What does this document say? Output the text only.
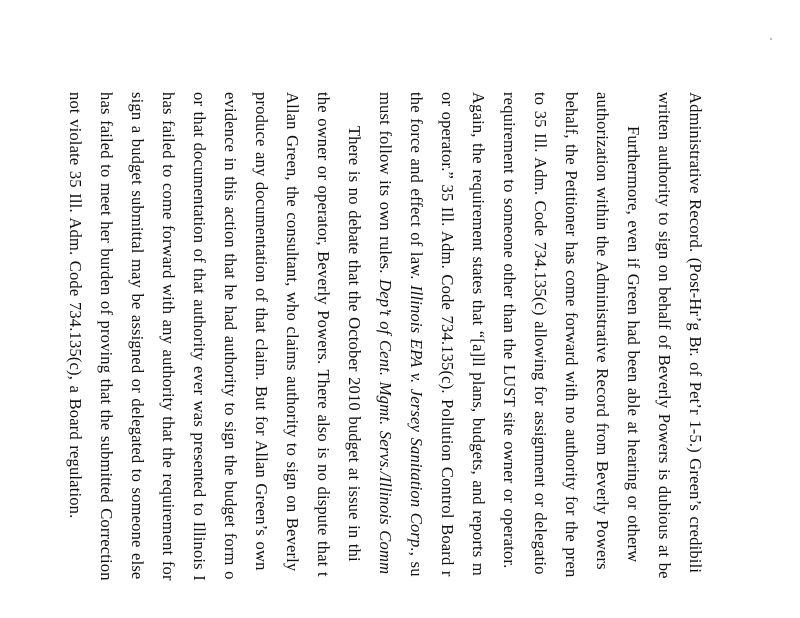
Administrative Record. (Post-Hr’g Br. of Pet’r 1-5.) Green’s credibili
written authority to sign on behalf of Beverly Powers is dubious at be
Furthermore, even if Green had been able at hearing or otherw
authorization within the Administrative Record from Beverly Powers
behalf, the Petitioner has come forward with no authority for the pren
to 35 Ill. Adm. Code 734.135(c) allowing for assignment or delegatio
requirement to someone other than the LUST site owner or operator.
Again, the requirement states that “[a]ll plans, budgets, and reports m
or operator.” 35 Ill. Adm. Code 734.135(c). Pollution Control Board r
the force and effect of law. Illinois EPA v. Jersey Sanitation Corp., su
must follow its own rules. Dep’t of Cent. Mgmt. Servs./Illinois Comm
There is no debate that the October 2010 budget at issue in thi
the owner or operator, Beverly Powers. There also is no dispute that t
Allan Green, the consultant, who claims authority to sign on Beverly
produce any documentation of that claim. But for Allan Green’s own
evidence in this action that he had authority to sign the budget form o
or that documentation of that authority ever was presented to Illinois I
has failed to come forward with any authority that the requirement for
sign a budget submittal may be assigned or delegated to someone else
has failed to meet her burden of proving that the submitted Correction
not violate 35 Ill. Adm. Code 734.135(c), a Board regulation.
